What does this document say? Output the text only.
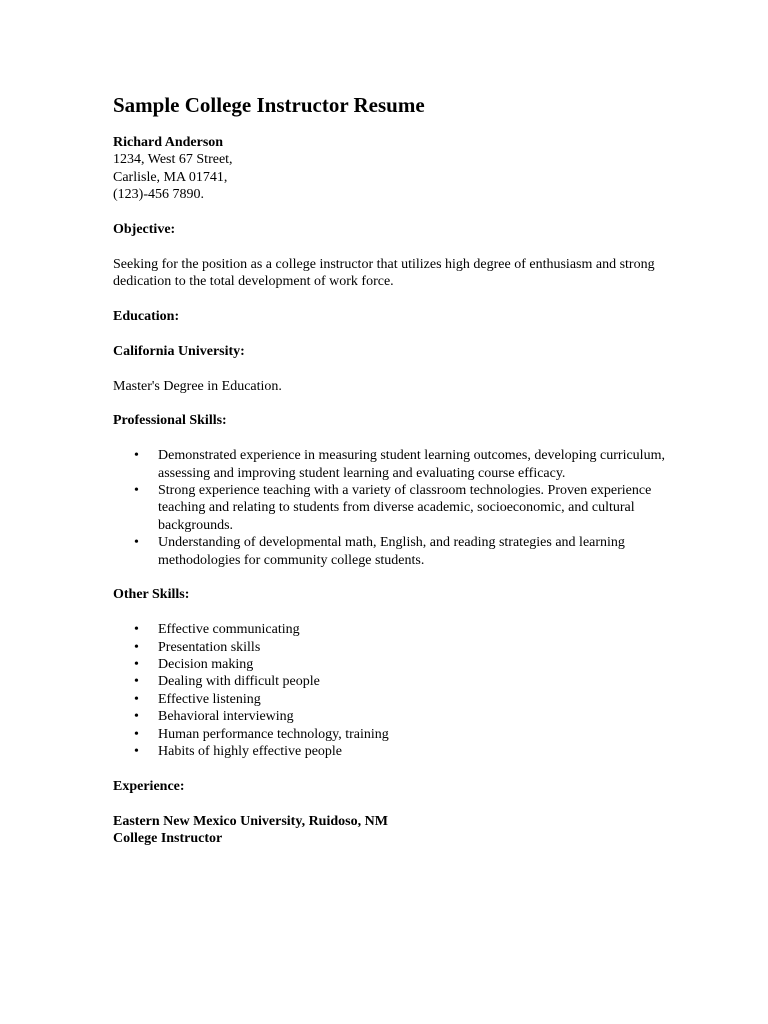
Sample College Instructor Resume
Richard Anderson
1234, West 67 Street,
Carlisle, MA 01741,
(123)-456 7890.

Objective:

Seeking for the position as a college instructor that utilizes high degree of enthusiasm and strong dedication to the total development of work force.

Education:

California University:

Master's Degree in Education.

Professional Skills:

• Demonstrated experience in measuring student learning outcomes, developing curriculum, assessing and improving student learning and evaluating course efficacy.
• Strong experience teaching with a variety of classroom technologies. Proven experience teaching and relating to students from diverse academic, socioeconomic, and cultural backgrounds.
• Understanding of developmental math, English, and reading strategies and learning methodologies for community college students.

Other Skills:

• Effective communicating
• Presentation skills
• Decision making
• Dealing with difficult people
• Effective listening
• Behavioral interviewing
• Human performance technology, training
• Habits of highly effective people

Experience:

Eastern New Mexico University, Ruidoso, NM

College Instructor
